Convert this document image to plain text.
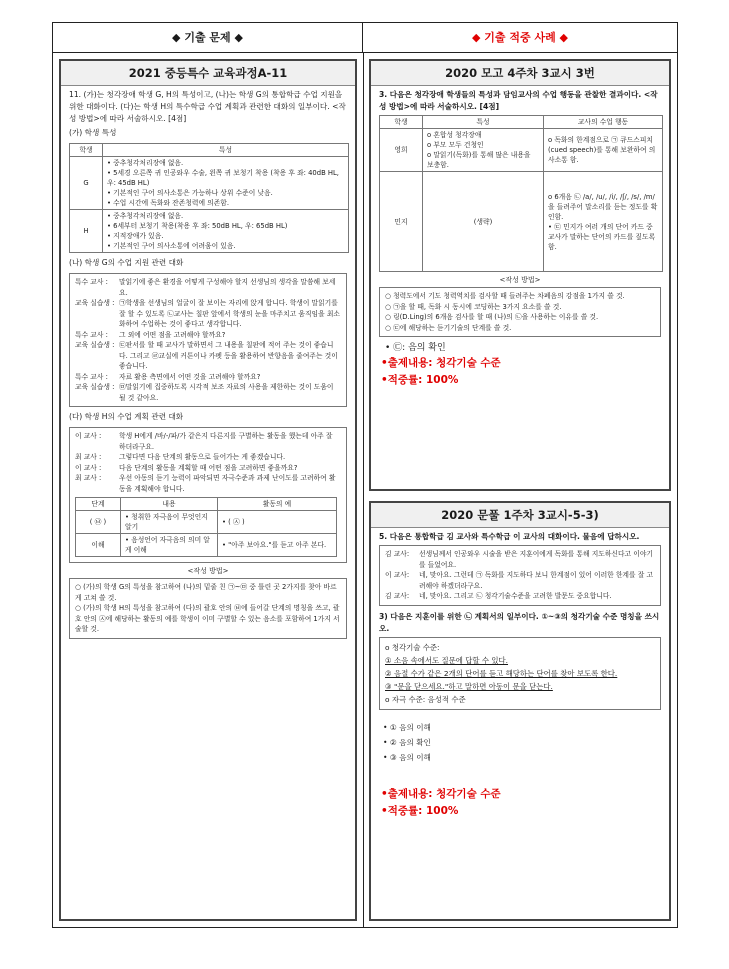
◆ 기출 문제 ◆	◆ 기출 적중 사례 ◆
2021 중등특수 교육과정A-11
11. (가)는 청각장애 학생 G, H의 특성이고, (나)는 학생 G의 통합학급 수업 지원을 위한 대화이다. (다)는 학생 H의 특수학급 수업 계획과 관련한 대화의 일부이다. <작성 방법>에 따라 서술하시오. [4점]
(가) 학생 특성
학생	특성
G	• 중추청각처리장애 없음.
• 5세경 오른쪽 귀 인공와우 수술, 왼쪽 귀 보청기 착용 (착용 후 좌: 40dB HL, 우: 45dB HL)
• 기본적인 구어 의사소통은 가능하나 상위 수준이 낮음.
• 수업 시간에 독화와 잔존청력에 의존함.

H	• 중추청각처리장애 없음.
• 6세부터 보청기 착용(착용 후 좌: 50dB HL, 우: 65dB HL)
• 지적장애가 있음.
• 기본적인 구어 의사소통에 어려움이 있음.
(나) 학생 G의 수업 지원 관련 대화
특수 교사 :	말읽기에 좋은 환경을 어떻게 구성해야 할지 선생님의 생각을 말씀해 보세요.
교육 실습생 : ㉠학생을 선생님의 얼굴이 잘 보이는 자리에 앉게 합니다. 학생이 말읽기를 잘 할 수 있도록 ㉡교사는 칠판 앞에서 학생의 눈을 마주치고 움직임을 최소화하여 수업하는 것이 좋다고 생각합니다.
특수 교사 :	그 외에 어떤 점을 고려해야 할까요?
교육 실습생 : ㉢판서를 할 때 교사가 말하면서 그 내용을 칠판에 적어 주는 것이 좋습니다. 그리고 ㉣교실에 커튼이나 카펫 등을 활용하여 반향음을 줄여주는 것이 좋습니다.
특수 교사 :	자료 활용 측면에서 어떤 것을 고려해야 할까요?
교육 실습생 : ㉤말읽기에 집중하도록 시각적 보조 자료의 사용을 제한하는 것이 도움이 될 것 같아요.
(다) 학생 H의 수업 계획 관련 대화
이 교사 :	학생 H에게 /바/-/파/가 같은지 다른지를 구별하는 활동을 했는데 아주 잘 하더라구요.
최 교사 :	그렇다면 다음 단계의 활동으로 들어가는 게 좋겠습니다.
이 교사 :	다음 단계의 활동을 계획할 때 어떤 점을 고려하면 좋을까요?
최 교사 :	우선 아동의 듣기 능력이 파악되면 자극수준과 과제 난이도를 고려하여 활동을 계획해야 합니다.
단계	내용	활동의 예
( ㉥ )	• 청취한 자극음이 무엇인지 알기	• ( ㉦ )
이해	• 음성언어 자극음의 의미 알게 이해	• "아주 보아요."를 듣고 아주 본다.
<작성 방법>
○ (가)의 학생 G의 특성을 참고하여 (나)의 밑줄 친 ㉠~㉤ 중 틀린 곳 2가지를 찾아 바르게 고쳐 쓸 것.
○ (가)의 학생 H의 특성을 참고하여 (다)의 괄호 안의 ㉥에 들어갈 단계의 명칭을 쓰고, 괄호 안의 ㉦에 해당하는 활동의 예를 학생이 이미 구별할 수 있는 음소를 포함하여 1가지 서술할 것.
2020 모고 4주차 3교시 3번
3. 다음은 청각장애 학생들의 특성과 담임교사의 수업 행동을 관찰한 결과이다. <작성 방법>에 따라 서술하시오. [4점]
학생	특성	교사의 수업 행동
영희	o 혼합성 청각장애
o 부모 모두 건청인
o 말읽기(독화)를 통해 많은 내용을 보충함.	o 독화의 한계점으로 ㉠ 큐드스피치(cued speech)를 통해 보완하여 의사소통 함.
민지	(생략)	o 6개음 ㉡ /a/, /u/, /i/, /ʃ/, /s/, /m/을 들려주어 말소리를 듣는 정도를 확인함.
• ㉢ 민지가 여러 개의 단어 카드 중 교사가 말하는 단어의 카드를 짚도록 함.
<작성 방법>
○ 청력도에서 기도 청력역치를 검사할 때 들려주는 차폐음의 강점을 1가지 쓸 것.
○ ㉠을 할 때, 독화 시 동시에 코딩하는 3가지 요소를 쓸 것.
○ 링(D.Ling)의 6개음 검사를 할 때 (나)의 ㉡을 사용하는 이유를 쓸 것.
○ ㉢에 해당하는 듣기기술의 단계를 쓸 것.
• ㉢: 음의 확인
•출제내용: 청각기술 수준
•적중률: 100%
2020 문풀 1주차 3교시-5-3)
5. 다음은 통합학급 김 교사와 특수학급 이 교사의 대화이다. 물음에 답하시오.
김 교사:	선생님께서 인공와우 시술을 받은 지훈이에게 독화를 통해 지도하신다고 이야기를 들었어요.
이 교사:	네, 맞아요. 그런데 ㉠ 독화를 지도하다 보니 한계점이 있어 이러한 한계를 잘 고려해야 하겠더라구요.
김 교사:	네, 맞아요. 그리고 ㉡ 청각기술수준을 고려한 발문도 중요합니다.
3) 다음은 지훈이를 위한 ㉡ 계획서의 일부이다. ①~③의 청각기술 수준 명칭을 쓰시오.
o 청각기술 수준:
① 소음 속에서도 질문에 답할 수 있다.
② 음절 수가 같은 2개의 단어를 듣고 해당하는 단어를 찾아 보도록 한다.
③ "문을 닫으세요."하고 말하면 아동이 문을 닫는다.
o 자극 수준: 음성적 수준
• ① 음의 이해
• ② 음의 확인
• ③ 음의 이해
•출제내용: 청각기술 수준
•적중률: 100%
